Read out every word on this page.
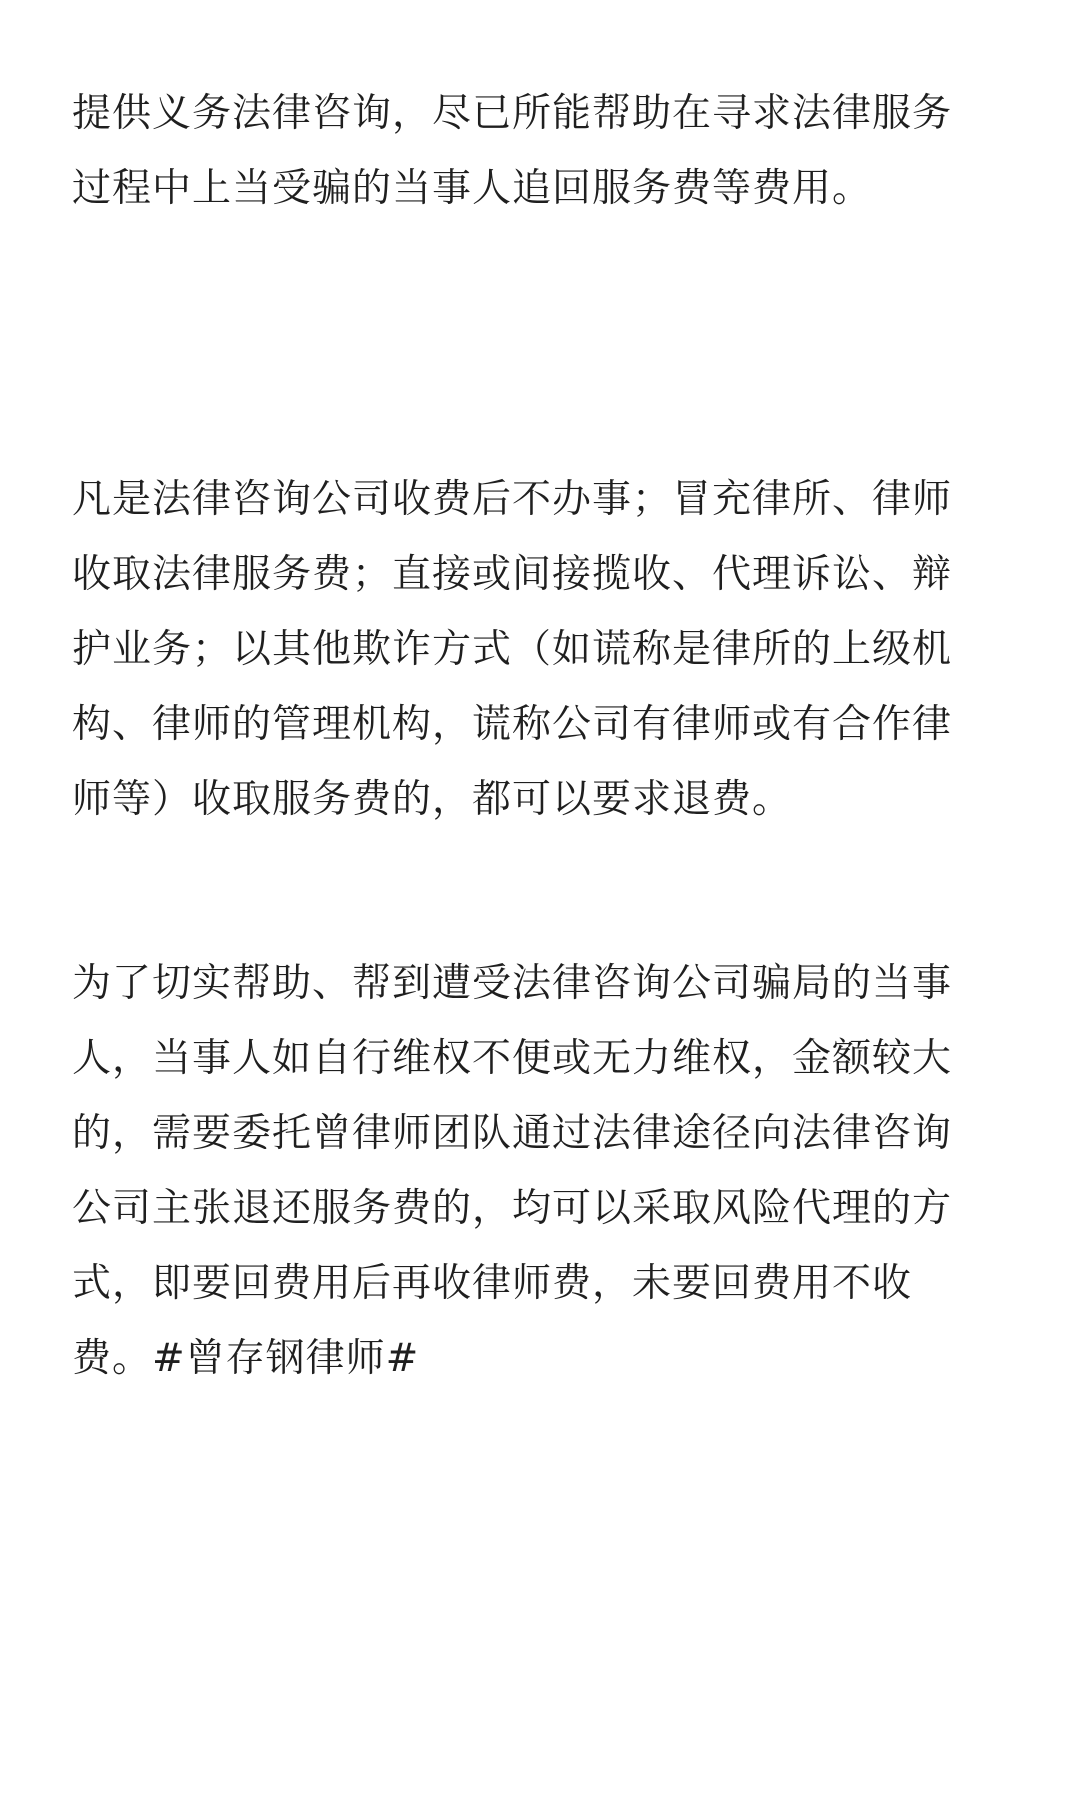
提供义务法律咨询，尽已所能帮助在寻求法律服务
过程中上当受骗的当事人追回服务费等费用。

凡是法律咨询公司收费后不办事；冒充律所、律师
收取法律服务费；直接或间接揽收、代理诉讼、辩
护业务；以其他欺诈方式（如谎称是律所的上级机
构、律师的管理机构，谎称公司有律师或有合作律
师等）收取服务费的，都可以要求退费。

为了切实帮助、帮到遭受法律咨询公司骗局的当事
人，当事人如自行维权不便或无力维权，金额较大
的，需要委托曾律师团队通过法律途径向法律咨询
公司主张退还服务费的，均可以采取风险代理的方
式，即要回费用后再收律师费，未要回费用不收
费。#曾存钢律师#
